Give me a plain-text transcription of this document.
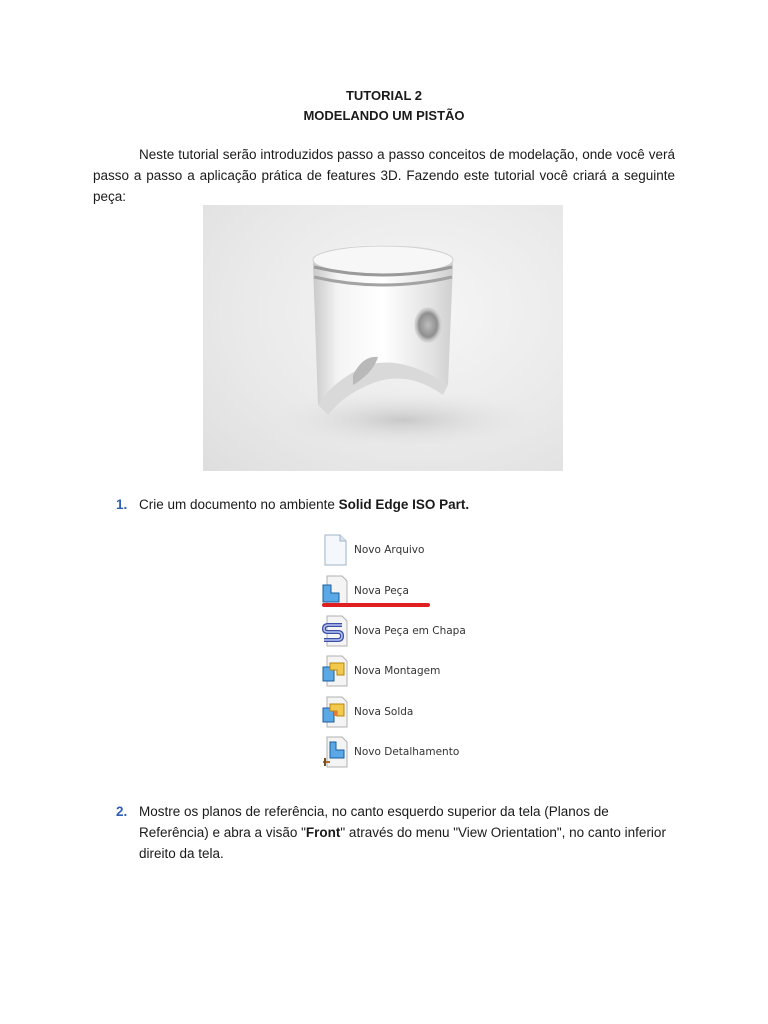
TUTORIAL 2
MODELANDO UM PISTÃO

Neste tutorial serão introduzidos passo a passo conceitos de modelação, onde você verá passo a passo a aplicação prática de features 3D. Fazendo este tutorial você criará a seguinte peça:

1. Crie um documento no ambiente Solid Edge ISO Part.
Novo Arquivo
Nova Peça
Nova Peça em Chapa
Nova Montagem
Nova Solda
Novo Detalhamento
2. Mostre os planos de referência, no canto esquerdo superior da tela (Planos de Referência) e abra a visão "Front" através do menu "View Orientation", no canto inferior direito da tela.
